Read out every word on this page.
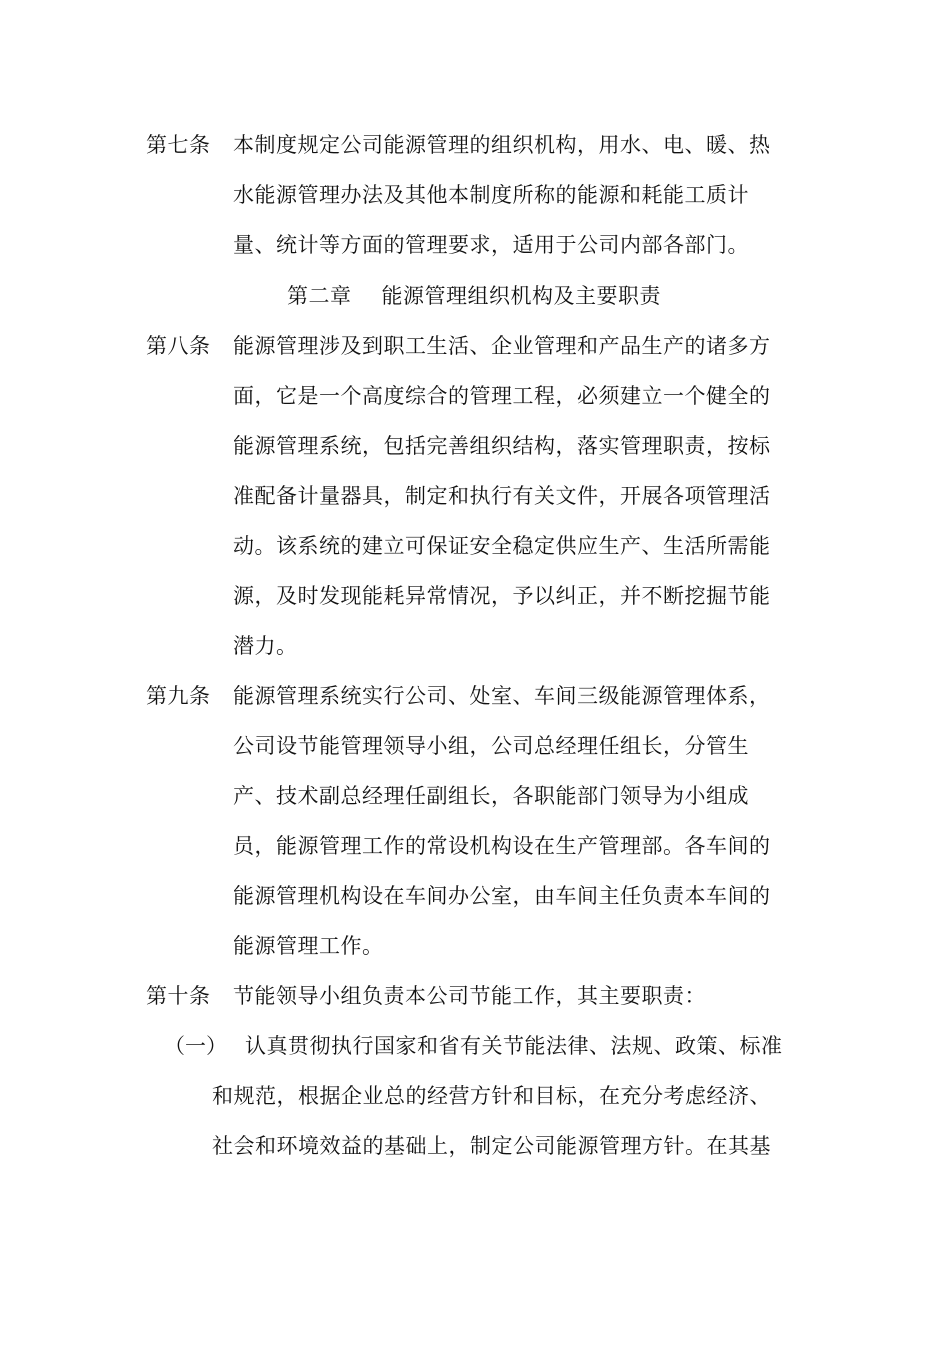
第七条 本制度规定公司能源管理的组织机构，用水、电、暖、热
水能源管理办法及其他本制度所称的能源和耗能工质计
量、统计等方面的管理要求，适用于公司内部各部门。
第二章 能源管理组织机构及主要职责
第八条 能源管理涉及到职工生活、企业管理和产品生产的诸多方
面，它是一个高度综合的管理工程，必须建立一个健全的
能源管理系统，包括完善组织结构，落实管理职责，按标
准配备计量器具，制定和执行有关文件，开展各项管理活
动。该系统的建立可保证安全稳定供应生产、生活所需能
源，及时发现能耗异常情况，予以纠正，并不断挖掘节能
潜力。
第九条 能源管理系统实行公司、处室、车间三级能源管理体系，
公司设节能管理领导小组，公司总经理任组长，分管生
产、技术副总经理任副组长，各职能部门领导为小组成
员，能源管理工作的常设机构设在生产管理部。各车间的
能源管理机构设在车间办公室，由车间主任负责本车间的
能源管理工作。
第十条 节能领导小组负责本公司节能工作，其主要职责：
（一） 认真贯彻执行国家和省有关节能法律、法规、政策、标准
和规范，根据企业总的经营方针和目标，在充分考虑经济、
社会和环境效益的基础上，制定公司能源管理方针。在其基
